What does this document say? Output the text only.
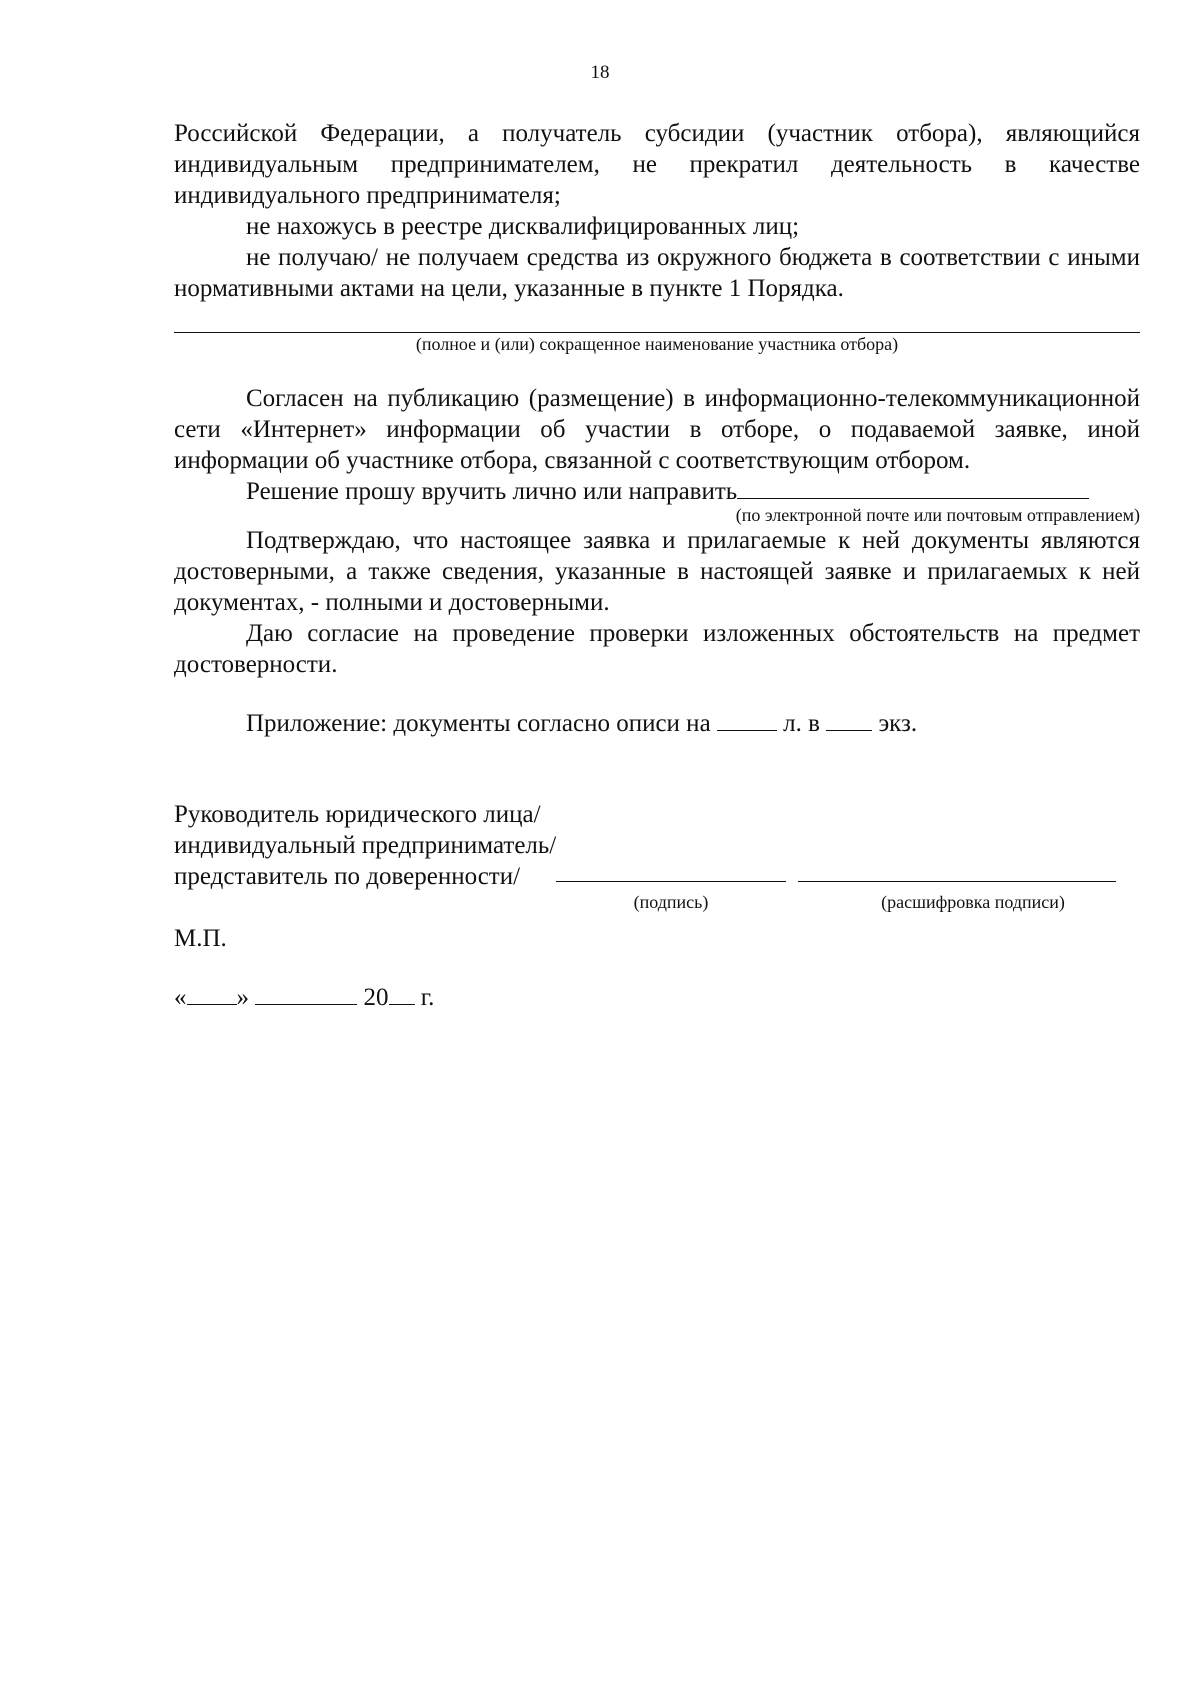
18

Российской Федерации, а получатель субсидии (участник отбора), являющийся индивидуальным предпринимателем, не прекратил деятельность в качестве индивидуального предпринимателя;

не нахожусь в реестре дисквалифицированных лиц;

не получаю/ не получаем средства из окружного бюджета в соответствии с иными нормативными актами на цели, указанные в пункте 1 Порядка.

(полное и (или) сокращенное наименование участника отбора)

Согласен на публикацию (размещение) в информационно-телекоммуникационной сети «Интернет» информации об участии в отборе, о подаваемой заявке, иной информации об участнике отбора, связанной с соответствующим отбором.

Решение прошу вручить лично или направить

(по электронной почте или почтовым отправлением)

Подтверждаю, что настоящее заявка и прилагаемые к ней документы являются достоверными, а также сведения, указанные в настоящей заявке и прилагаемых к ней документах, - полными и достоверными.

Даю согласие на проведение проверки изложенных обстоятельств на предмет достоверности.

Приложение: документы согласно описи на	л. в экз.

Руководитель юридического лица/

индивидуальный предприниматель/

представитель по доверенности/

(подпись)	(расшифровка подписи)

М.П.

« »	20 г.
